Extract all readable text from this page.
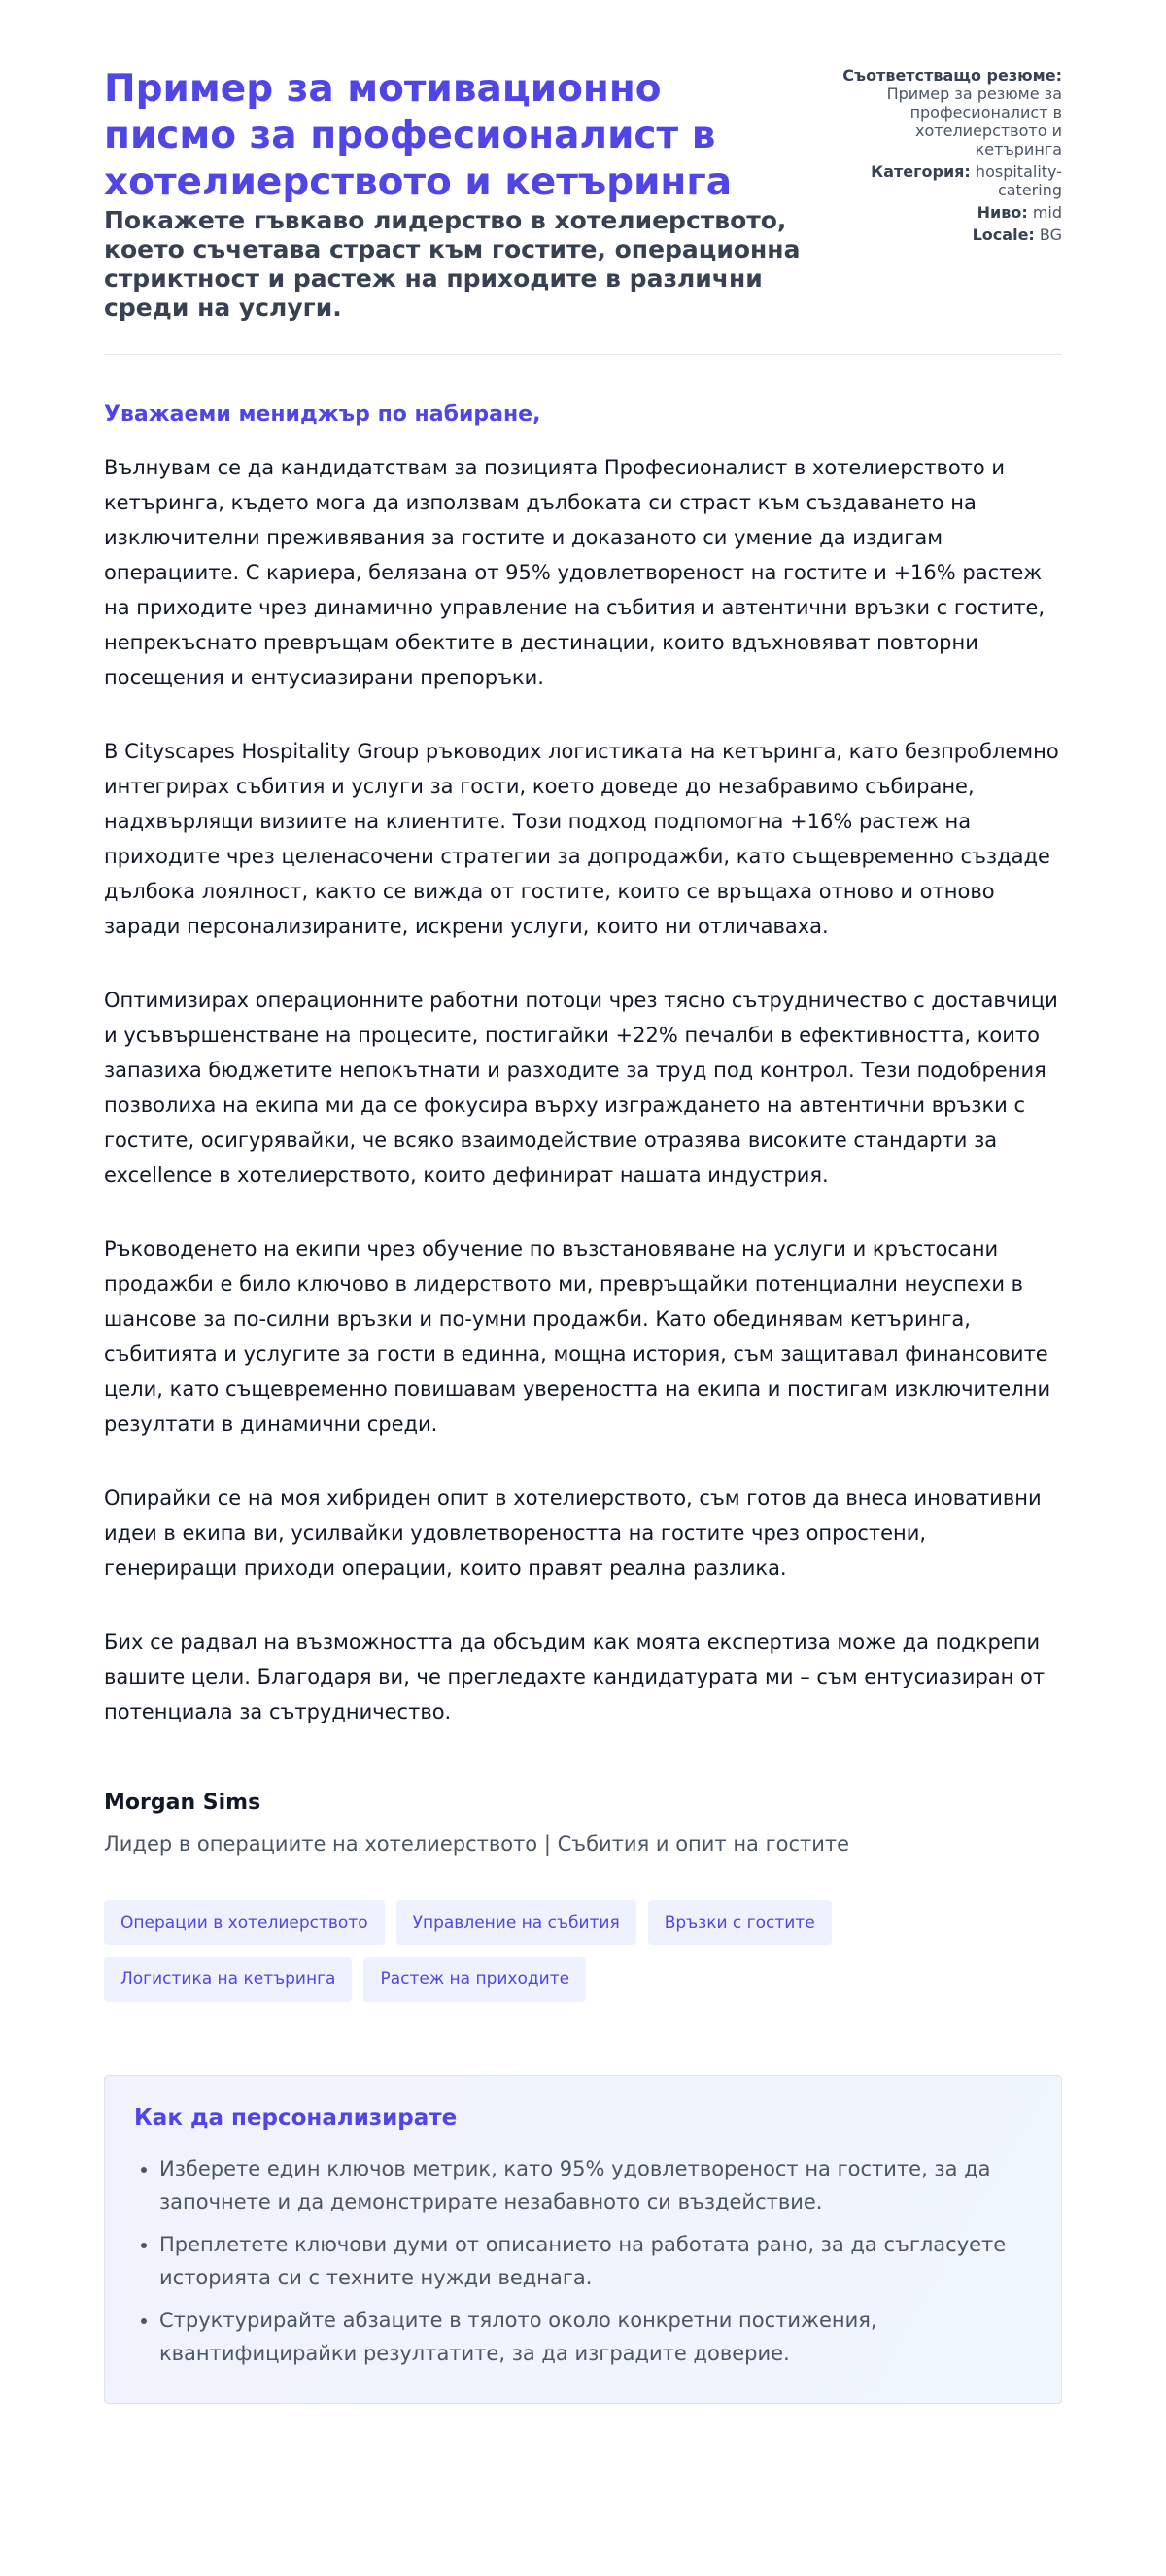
Пример за мотивационно писмо за професионалист в хотелиерството и кетъринга
Покажете гъвкаво лидерство в хотелиерството, което съчетава страст към гостите, операционна стриктност и растеж на приходите в различни среди на услуги.
Съответстващо резюме:
Пример за резюме за професионалист в хотелиерството и кетъринга
Категория: hospitality-catering
Ниво: mid
Locale: BG
Уважаеми мениджър по набиране,

Вълнувам се да кандидатствам за позицията Професионалист в хотелиерството и кетъринга, където мога да използвам дълбоката си страст към създаването на изключителни преживявания за гостите и доказаното си умение да издигам операциите. С кариера, белязана от 95% удовлетвореност на гостите и +16% растеж на приходите чрез динамично управление на събития и автентични връзки с гостите, непрекъснато превръщам обектите в дестинации, които вдъхновяват повторни посещения и ентусиазирани препоръки.

В Cityscapes Hospitality Group ръководих логистиката на кетъринга, като безпроблемно интегрирах събития и услуги за гости, което доведе до незабравимо събиране, надхвърлящи визиите на клиентите. Този подход подпомогна +16% растеж на приходите чрез целенасочени стратегии за допродажби, като същевременно създаде дълбока лоялност, както се вижда от гостите, които се връщаха отново и отново заради персонализираните, искрени услуги, които ни отличаваха.

Оптимизирах операционните работни потоци чрез тясно сътрудничество с доставчици и усъвършенстване на процесите, постигайки +22% печалби в ефективността, които запазиха бюджетите непокътнати и разходите за труд под контрол. Тези подобрения позволиха на екипа ми да се фокусира върху изграждането на автентични връзки с гостите, осигурявайки, че всяко взаимодействие отразява високите стандарти за excellence в хотелиерството, които дефинират нашата индустрия.

Ръководенето на екипи чрез обучение по възстановяване на услуги и кръстосани продажби е било ключово в лидерството ми, превръщайки потенциални неуспехи в шансове за по-силни връзки и по-умни продажби. Като обединявам кетъринга, събитията и услугите за гости в единна, мощна история, съм защитавал финансовите цели, като същевременно повишавам увереността на екипа и постигам изключителни резултати в динамични среди.

Опирайки се на моя хибриден опит в хотелиерството, съм готов да внеса иновативни идеи в екипа ви, усилвайки удовлетвореността на гостите чрез опростени, генериращи приходи операции, които правят реална разлика.

Бих се радвал на възможността да обсъдим как моята експертиза може да подкрепи вашите цели. Благодаря ви, че прегледахте кандидатурата ми – съм ентусиазиран от потенциала за сътрудничество.

Morgan Sims
Лидер в операциите на хотелиерството | Събития и опит на гостите
Операции в хотелиерството	Управление на събития	Връзки с гостите
Логистика на кетъринга	Растеж на приходите
Как да персонализирате
• Изберете един ключов метрик, като 95% удовлетвореност на гостите, за да започнете и да демонстрирате незабавното си въздействие.
• Преплетете ключови думи от описанието на работата рано, за да съгласуете историята си с техните нужди веднага.
• Структурирайте абзаците в тялото около конкретни постижения, квантифицирайки резултатите, за да изградите доверие.
